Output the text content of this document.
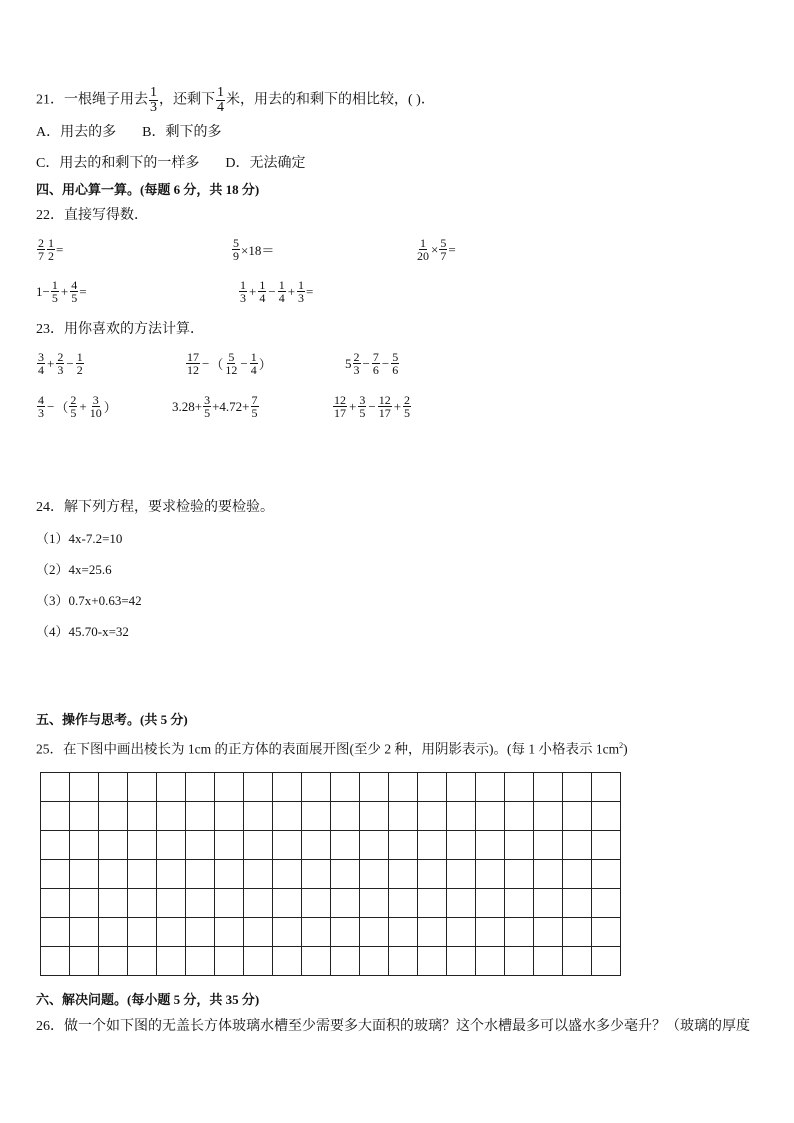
21．一根绳子用去 $\frac{1}{3}$ ，还剩下 $\frac{1}{4}$ 米，用去的和剩下的相比较，( )．
A．用去的多 B．剩下的多
C．用去的和剩下的一样多 D．无法确定
四、用心算一算。(每题 6 分，共 18 分)
22．直接写得数．
$\frac{2}{7} \frac{1}{2}$ =	$\frac{5}{9} \times 18=$	$\frac{1}{20} \times \frac{5}{7}$ =
$1- \frac{1}{5} + \frac{4}{5}$ =	$\frac{1}{3} + \frac{1}{4} - \frac{1}{4} + \frac{1}{3}$ =
23．用你喜欢的方法计算．
$\frac{3}{4} + \frac{2}{3} - \frac{1}{2}$	$\frac{17}{12}$ − （ $\frac{5}{12} - \frac{1}{4}$ ）	$5 \frac{2}{3} - \frac{7}{6} - \frac{5}{6}$
$\frac{4}{3}$ − （ $\frac{2}{5} + \frac{3}{10}$ ）	$3.28+ \frac{3}{5} +4.72+ \frac{7}{5}$	$\frac{12}{17} + \frac{3}{5} - \frac{12}{17} + \frac{2}{5}$
24．解下列方程，要求检验的要检验。
（1）4x-7.2=10
（2）4x=25.6
（3）0.7x+0.63=42
（4）45.70-x=32
五、操作与思考。(共 5 分)
25．在下图中画出棱长为 1cm 的正方体的表面展开图(至少 2 种，用阴影表示)。(每 1 小格表示 $1cm^2$)

六、解决问题。(每小题 5 分，共 35 分)
26．做一个如下图的无盖长方体玻璃水槽至少需要多大面积的玻璃？这个水槽最多可以盛水多少毫升？（玻璃的厚度
